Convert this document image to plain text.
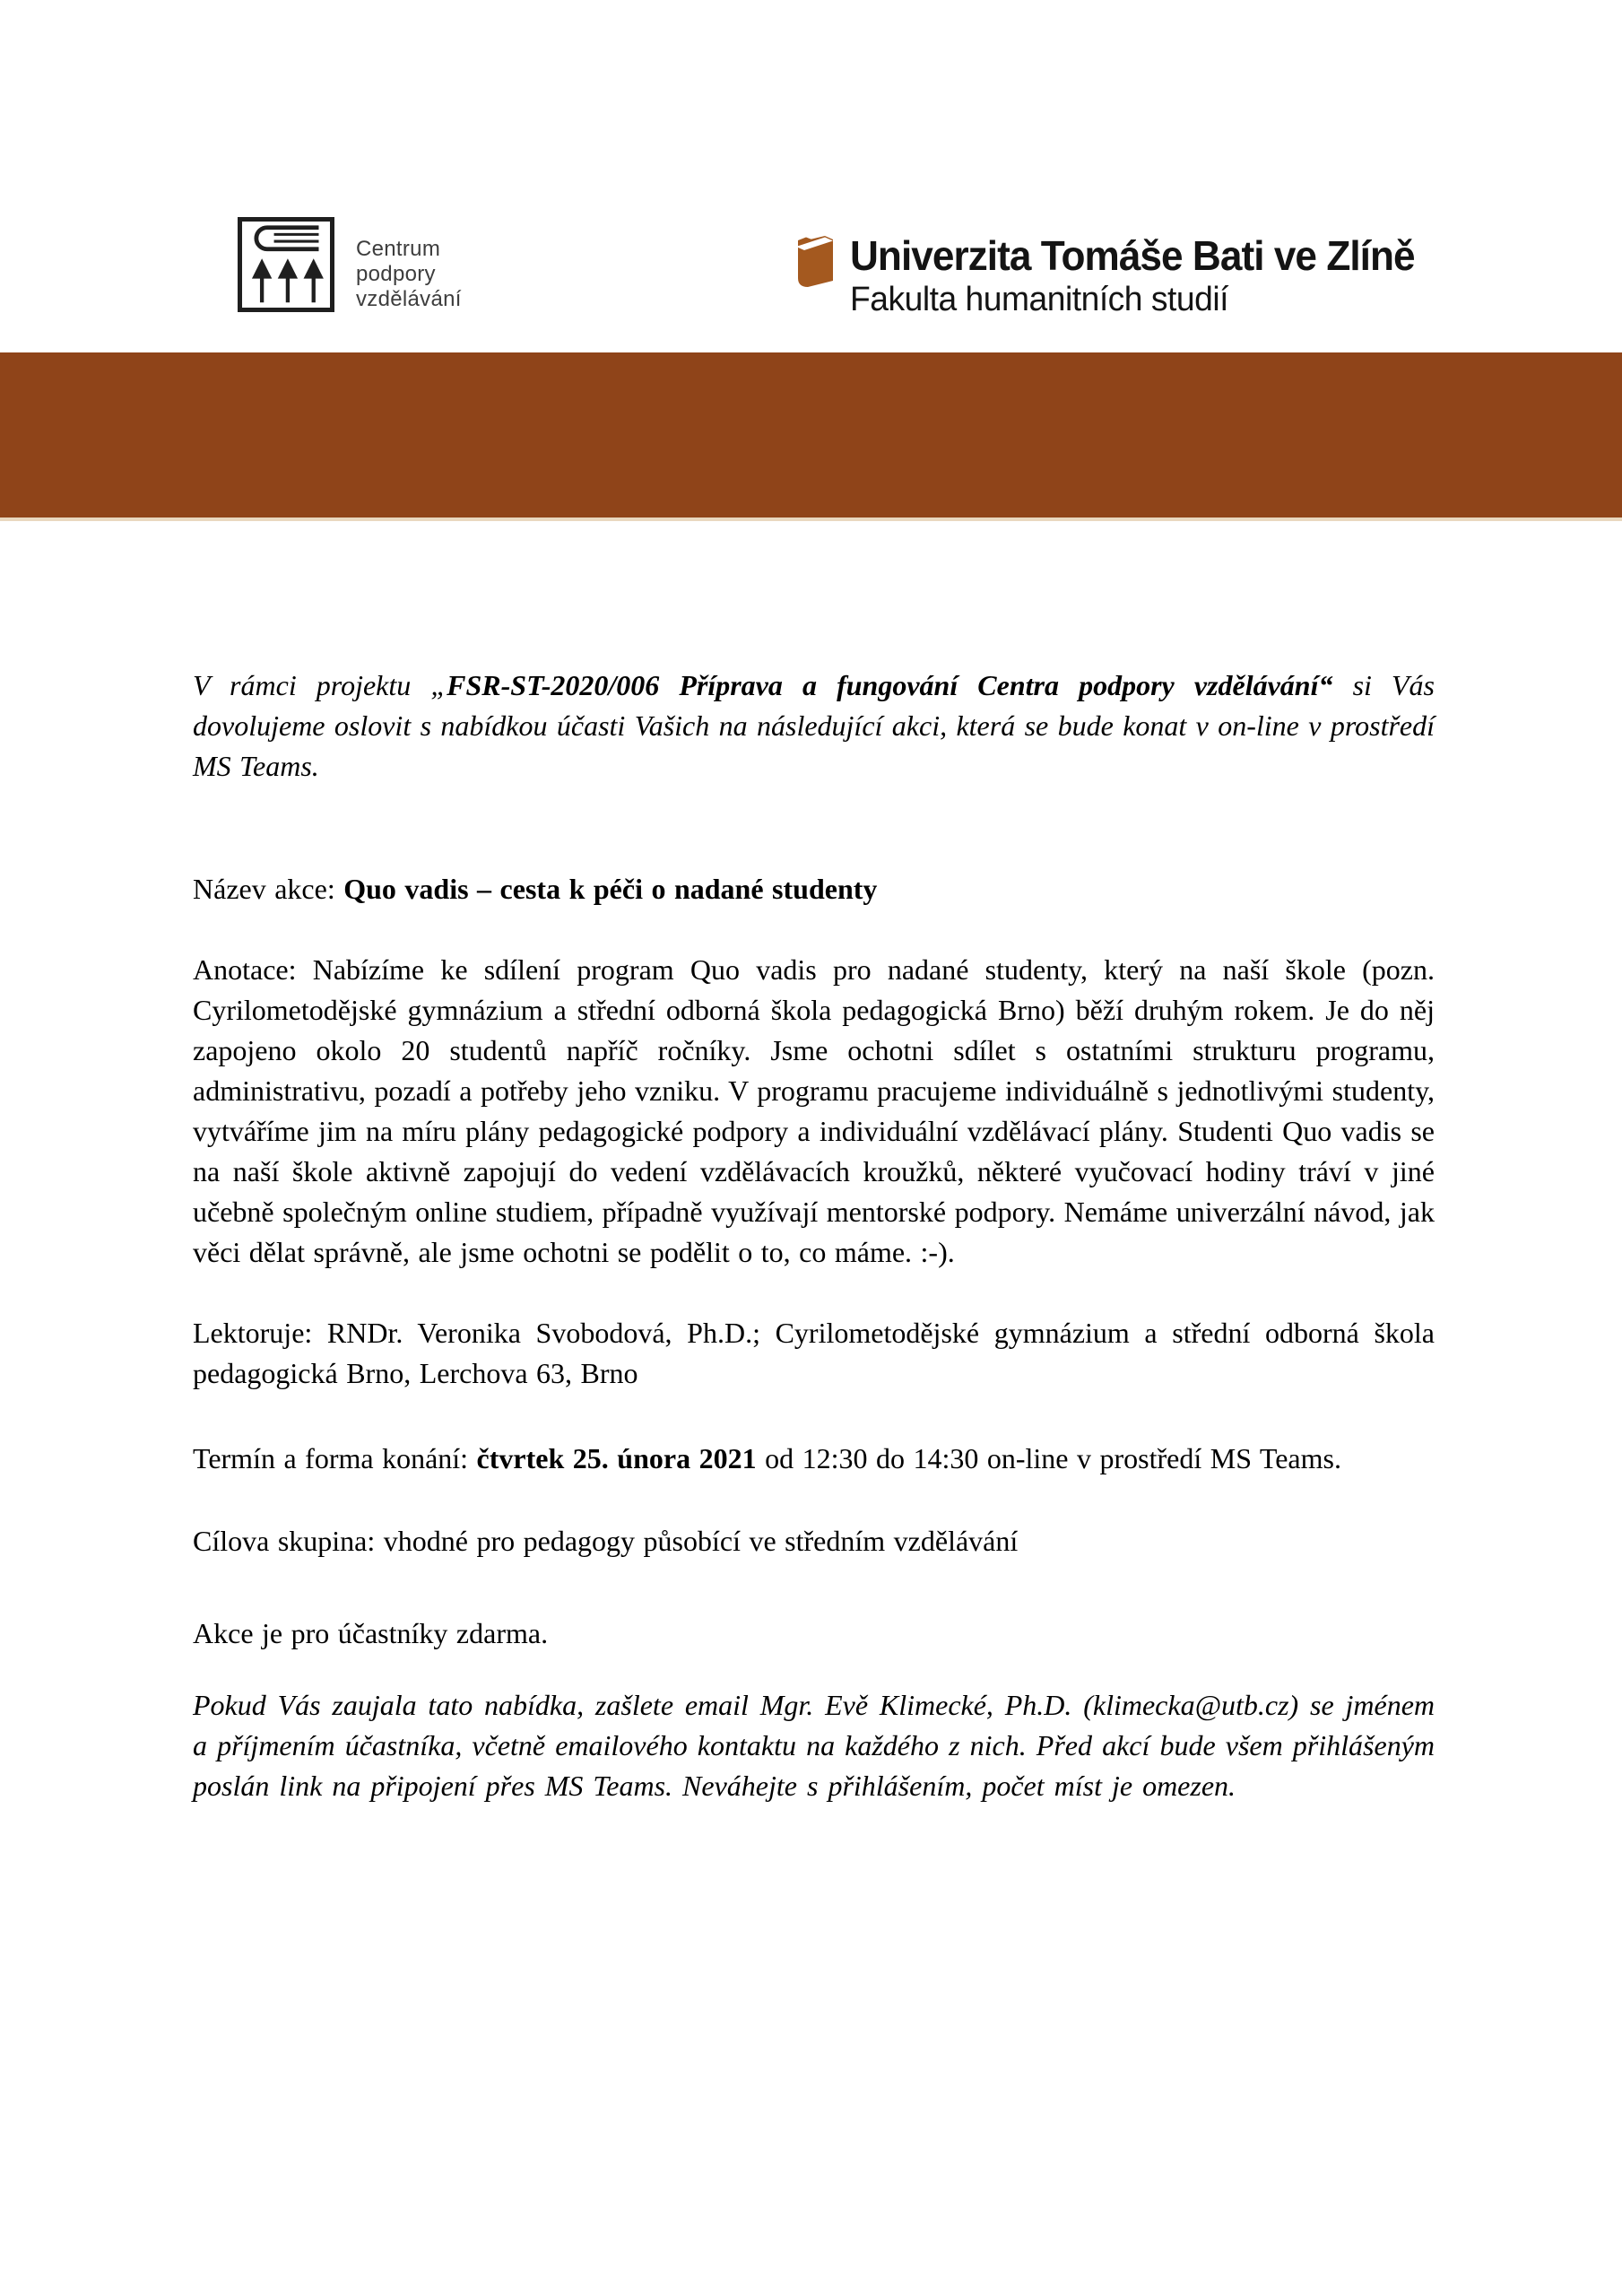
Centrum
podpory
vzdělávání
Univerzita Tomáše Bati ve Zlíně
Fakulta humanitních studií

V rámci projektu „FSR-ST-2020/006 Příprava a fungování Centra podpory vzdělávání“ si Vás dovolujeme oslovit s nabídkou účasti Vašich na následující akci, která se bude konat v on-line v prostředí MS Teams.

Název akce: Quo vadis – cesta k péči o nadané studenty

Anotace: Nabízíme ke sdílení program Quo vadis pro nadané studenty, který na naší škole (pozn. Cyrilometodějské gymnázium a střední odborná škola pedagogická Brno) běží druhým rokem. Je do něj zapojeno okolo 20 studentů napříč ročníky. Jsme ochotni sdílet s ostatními strukturu programu, administrativu, pozadí a potřeby jeho vzniku. V programu pracujeme individuálně s jednotlivými studenty, vytváříme jim na míru plány pedagogické podpory a individuální vzdělávací plány. Studenti Quo vadis se na naší škole aktivně zapojují do vedení vzdělávacích kroužků, některé vyučovací hodiny tráví v jiné učebně společným online studiem, případně využívají mentorské podpory. Nemáme univerzální návod, jak věci dělat správně, ale jsme ochotni se podělit o to, co máme. :-).

Lektoruje: RNDr. Veronika Svobodová, Ph.D.; Cyrilometodějské gymnázium a střední odborná škola pedagogická Brno, Lerchova 63, Brno

Termín a forma konání: čtvrtek 25. února 2021 od 12:30 do 14:30 on-line v prostředí MS Teams.

Cílova skupina: vhodné pro pedagogy působící ve středním vzdělávání

Akce je pro účastníky zdarma.

Pokud Vás zaujala tato nabídka, zašlete email Mgr. Evě Klimecké, Ph.D. (klimecka@utb.cz) se jménem a příjmením účastníka, včetně emailového kontaktu na každého z nich. Před akcí bude všem přihlášeným poslán link na připojení přes MS Teams. Neváhejte s přihlášením, počet míst je omezen.
